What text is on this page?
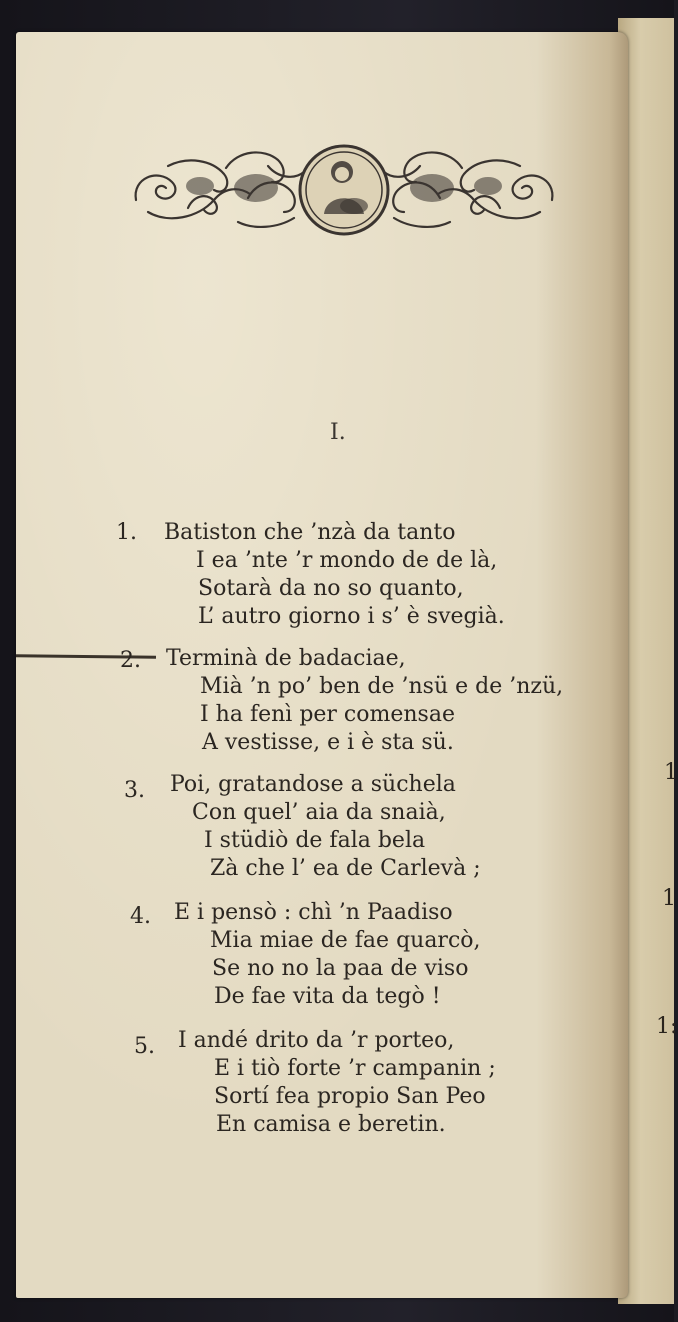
1
1
1:
I.
1.	Batiston che ’nzà da tanto
I ea ’nte ’r mondo de de là,
Sotarà da no so quanto,
L’ autro giorno i s’ è svegià.
2.	Terminà de badaciae,
Mià ’n po’ ben de ’nsü e de ’nzü,
I ha fenì per comensae
A vestisse, e i è sta sü.
3.	Poi, gratandose a süchela
Con quel’ aia da snaià,
I stüdiò de fala bela
Zà che l’ ea de Carlevà ;
4.	E i pensò : chì ’n Paadiso
Mia miae de fae quarcò,
Se no no la paa de viso
De fae vita da tegò !
5.	I andé drito da ’r porteo,
E i tiò forte ’r campanin ;
Sortí fea propio San Peo
En camisa e beretin.
